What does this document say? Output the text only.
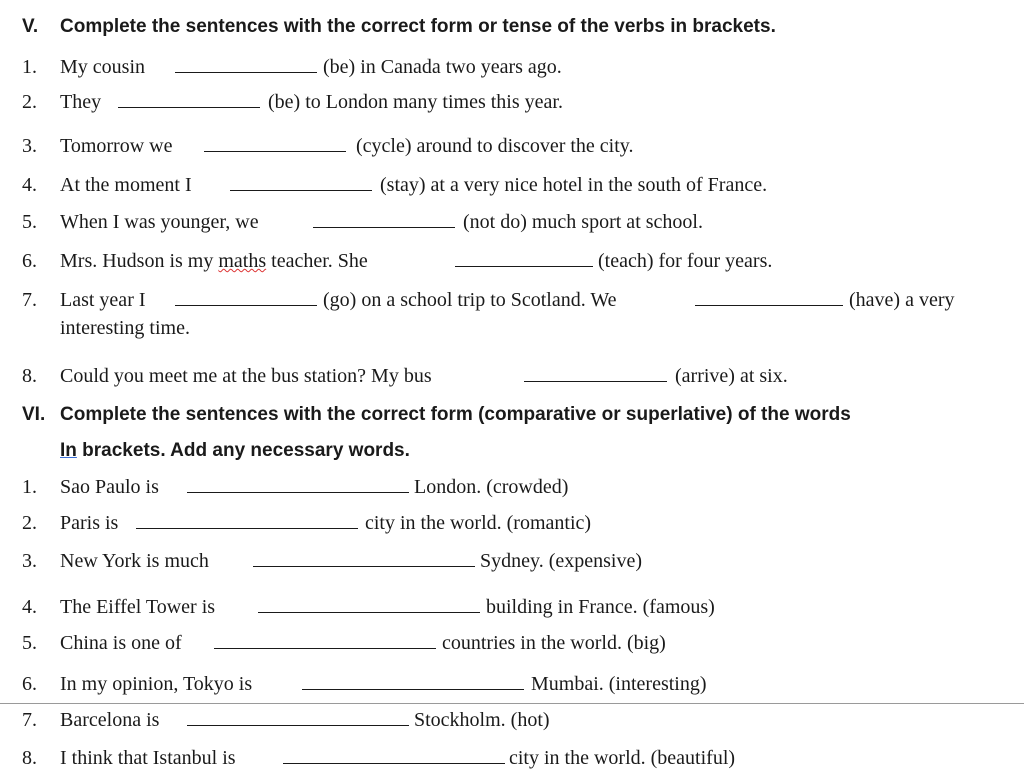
V. Complete the sentences with the correct form or tense of the verbs in brackets.
1. My cousin	(be) in Canada two years ago.
2. They	(be) to London many times this year.
3. Tomorrow we	(cycle) around to discover the city.
4. At the moment I	(stay) at a very nice hotel in the south of France.
5. When I was younger, we	(not do) much sport at school.
6. Mrs. Hudson is my maths teacher. She	(teach) for four years.
7. Last year I	(go) on a school trip to Scotland. We	(have) a very
interesting time.
8. Could you meet me at the bus station? My bus	(arrive) at six.
VI. Complete the sentences with the correct form (comparative or superlative) of the words
In brackets. Add any necessary words.
1. Sao Paulo is	London. (crowded)
2. Paris is	city in the world. (romantic)
3. New York is much	Sydney. (expensive)
4. The Eiffel Tower is	building in France. (famous)
5. China is one of	countries in the world. (big)
6. In my opinion, Tokyo is	Mumbai. (interesting)
7. Barcelona is	Stockholm. (hot)
8. I think that Istanbul is	city in the world. (beautiful)
